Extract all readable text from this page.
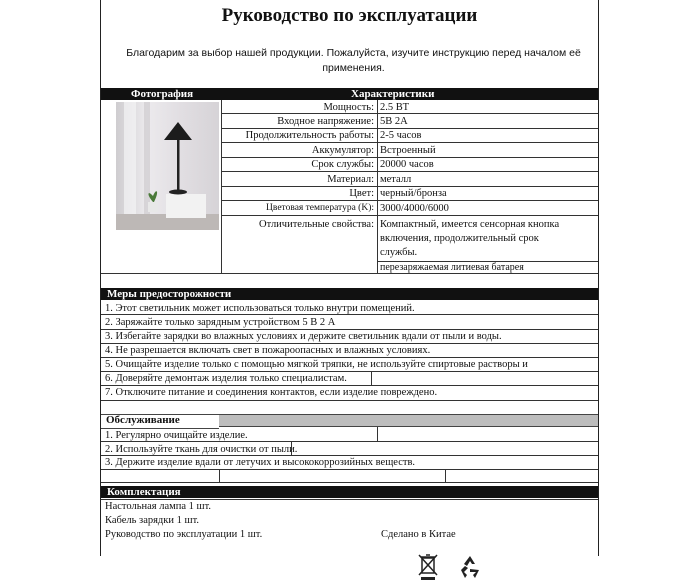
Руководство по эксплуатации
Благодарим за выбор нашей продукции. Пожалуйста, изучите инструкцию перед началом её применения.
Фотография	Характеристики
Мощность: 2.5 ВТ
Входное напряжение: 5В 2А
Продолжительность работы: 2-5 часов
Аккумулятор: Встроенный
Срок службы: 20000 часов
Материал: металл
Цвет: черный/бронза
Цветовая температура (K): 3000/4000/6000
Отличительные свойства: Компактный, имеется сенсорная кнопка
включения, продолжительный срок
службы.
перезаряжаемая литиевая батарея
Меры предосторожности
1. Этот светильник может использоваться только внутри помещений.
2. Заряжайте только зарядным устройством 5 В 2 А
3. Избегайте зарядки во влажных условиях и держите светильник вдали от пыли и воды.
4. Не разрешается включать свет в пожароопасных и влажных условиях.
5. Очищайте изделие только с помощью мягкой тряпки, не используйте спиртовые растворы и
6. Доверяйте демонтаж изделия только специалистам.
7. Отключите питание и соединения контактов, если изделие повреждено.
Обслуживание
1. Регулярно очищайте изделие.
2. Используйте ткань для очистки от пыли.
3. Держите изделие вдали от летучих и высококоррозийных веществ.
Комплектация
Настольная лампа 1 шт.
Кабель зарядки 1 шт.
Руководство по эксплуатации 1 шт.	Сделано в Китае
